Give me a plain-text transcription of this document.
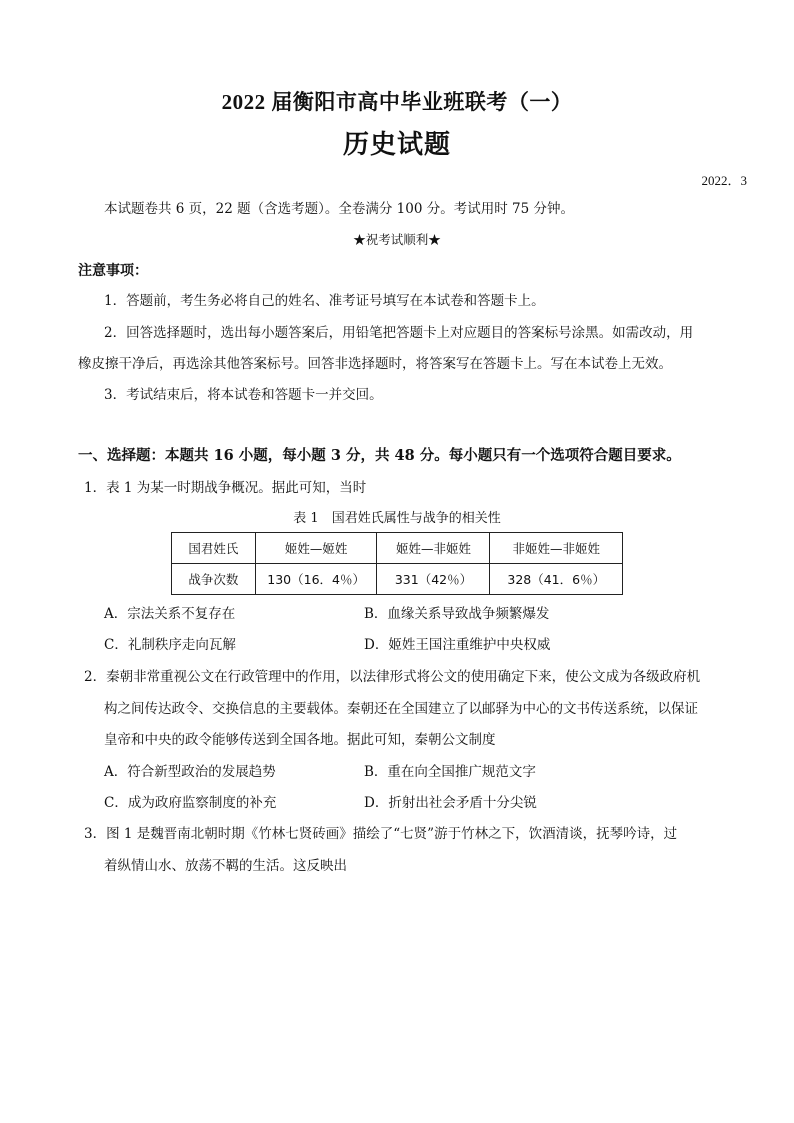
2022 届衡阳市高中毕业班联考（一）
历史试题
2022．3
本试题卷共 6 页，22 题（含选考题）。全卷满分 100 分。考试用时 75 分钟。
★祝考试顺利★
注意事项：
1．答题前，考生务必将自己的姓名、准考证号填写在本试卷和答题卡上。
2．回答选择题时，选出每小题答案后，用铅笔把答题卡上对应题目的答案标号涂黑。如需改动，用
橡皮擦干净后，再选涂其他答案标号。回答非选择题时，将答案写在答题卡上。写在本试卷上无效。
3．考试结束后，将本试卷和答题卡一并交回。
一、选择题：本题共 16 小题，每小题 3 分，共 48 分。每小题只有一个选项符合题目要求。
1．表 1 为某一时期战争概况。据此可知，当时
表 1　国君姓氏属性与战争的相关性
国君姓氏	姬姓—姬姓	姬姓—非姬姓	非姬姓—非姬姓
战争次数	130（16．4％）	331（42％）	328（41．6％）
A．宗法关系不复存在	B．血缘关系导致战争频繁爆发
C．礼制秩序走向瓦解	D．姬姓王国注重维护中央权威
2．秦朝非常重视公文在行政管理中的作用，以法律形式将公文的使用确定下来，使公文成为各级政府机
构之间传达政令、交换信息的主要载体。秦朝还在全国建立了以邮驿为中心的文书传送系统，以保证
皇帝和中央的政令能够传送到全国各地。据此可知，秦朝公文制度
A．符合新型政治的发展趋势	B．重在向全国推广规范文字
C．成为政府监察制度的补充	D．折射出社会矛盾十分尖锐
3．图 1 是魏晋南北朝时期《竹林七贤砖画》描绘了“七贤”游于竹林之下，饮酒清谈，抚琴吟诗，过
着纵情山水、放荡不羁的生活。这反映出
